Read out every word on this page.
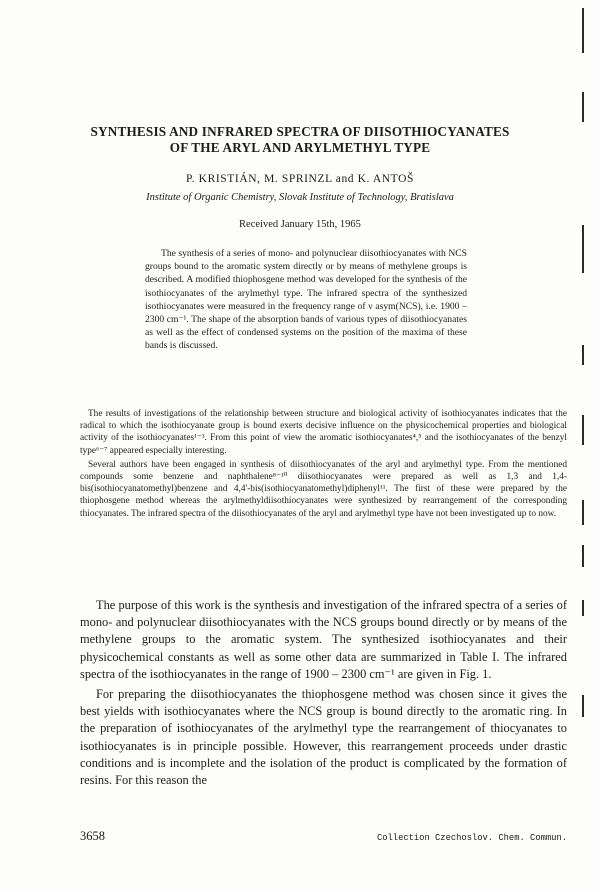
SYNTHESIS AND INFRARED SPECTRA OF DIISOTHIOCYANATES
OF THE ARYL AND ARYLMETHYL TYPE
P. KRISTIÁN, M. SPRINZL and K. ANTOŠ
Institute of Organic Chemistry, Slovak Institute of Technology, Bratislava
Received January 15th, 1965

The synthesis of a series of mono- and polynuclear diisothiocyanates with NCS groups bound to the aromatic system directly or by means of methylene groups is described. A modified thiophosgene method was developed for the synthesis of the isothiocyanates of the arylmethyl type. The infrared spectra of the synthesized isothiocyanates were measured in the frequency range of ν asym(NCS), i.e. 1900 – 2300 cm⁻¹. The shape of the absorption bands of various types of diisothiocyanates as well as the effect of condensed systems on the position of the maxima of these bands is discussed.

The results of investigations of the relationship between structure and biological activity of isothiocyanates indicates that the radical to which the isothiocyanate group is bound exerts decisive influence on the physicochemical properties and biological activity of the isothiocyanates¹⁻³. From this point of view the aromatic isothiocyanates⁴,⁵ and the isothiocyanates of the benzyl type⁶⁻⁷ appeared especially interesting.

Several authors have been engaged in synthesis of diisothiocyanates of the aryl and arylmethyl type. From the mentioned compounds some benzene and naphthalene⁸⁻¹⁰ diisothiocyanates were prepared as well as 1,3 and 1,4-bis(isothiocyanatomethyl)benzene and 4,4'-bis(isothiocyanatomethyl)diphenyl¹¹. The first of these were prepared by the thiophosgene method whereas the arylmethyldiisothiocyanates were synthesized by rearrangement of the corresponding thiocyanates. The infrared spectra of the diisothiocyanates of the aryl and arylmethyl type have not been investigated up to now.

The purpose of this work is the synthesis and investigation of the infrared spectra of a series of mono- and polynuclear diisothiocyanates with the NCS groups bound directly or by means of the methylene groups to the aromatic system. The synthesized isothiocyanates and their physicochemical constants as well as some other data are summarized in Table I. The infrared spectra of the isothiocyanates in the range of 1900 – 2300 cm⁻¹ are given in Fig. 1.

For preparing the diisothiocyanates the thiophosgene method was chosen since it gives the best yields with isothiocyanates where the NCS group is bound directly to the aromatic ring. In the preparation of isothiocyanates of the arylmethyl type the rearrangement of thiocyanates to isothiocyanates is in principle possible. However, this rearrangement proceeds under drastic conditions and is incomplete and the isolation of the product is complicated by the formation of resins. For this reason the

3658	Collection Czechoslov. Chem. Commun.
